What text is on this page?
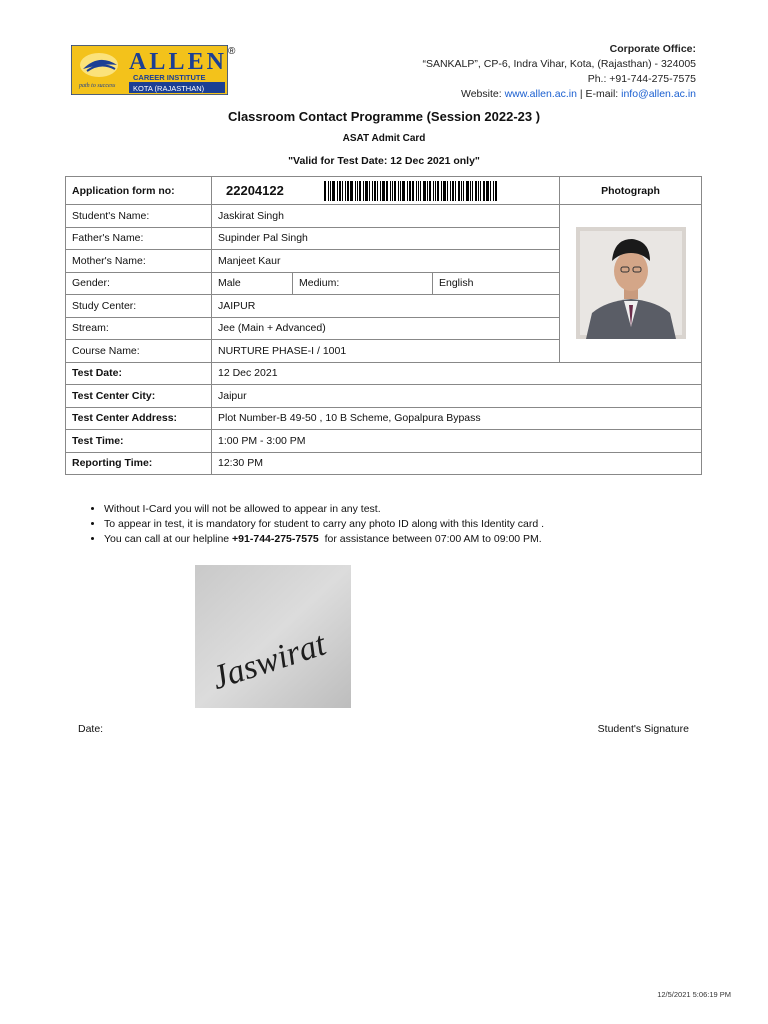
path to success
ALLEN
CAREER INSTITUTE
KOTA (RAJASTHAN)
®	Corporate Office:
“SANKALP”, CP-6, Indra Vihar, Kota, (Rajasthan) - 324005
Ph.: +91-744-275-7575
Website: www.allen.ac.in | E-mail: info@allen.ac.in
Classroom Contact Programme (Session 2022-23 )
ASAT Admit Card
"Valid for Test Date: 12 Dec 2021 only"
Application form no:	22204122			Photograph
Student's Name:	Jaskirat Singh	

Father's Name:	Supinder Pal Singh			
Mother's Name:	Manjeet Kaur			
Gender:	Male	Medium:	English	
Study Center:	JAIPUR			
Stream:	Jee (Main + Advanced)			
Course Name:	NURTURE PHASE-I / 1001			
Test Date:	12 Dec 2021			
Test Center City:	Jaipur			
Test Center Address:	Plot Number-B 49-50 , 10 B Scheme, Gopalpura Bypass			
Test Time:	1:00 PM - 3:00 PM			
Reporting Time:	12:30 PM			
• Without I-Card you will not be allowed to appear in any test.
• To appear in test, it is mandatory for student to carry any photo ID along with this Identity card .
• You can call at our helpline +91-744-275-7575  for assistance between 07:00 AM to 09:00 PM.
Jaswirat
Date:	Student's Signature
12/5/2021 5:06:19 PM
